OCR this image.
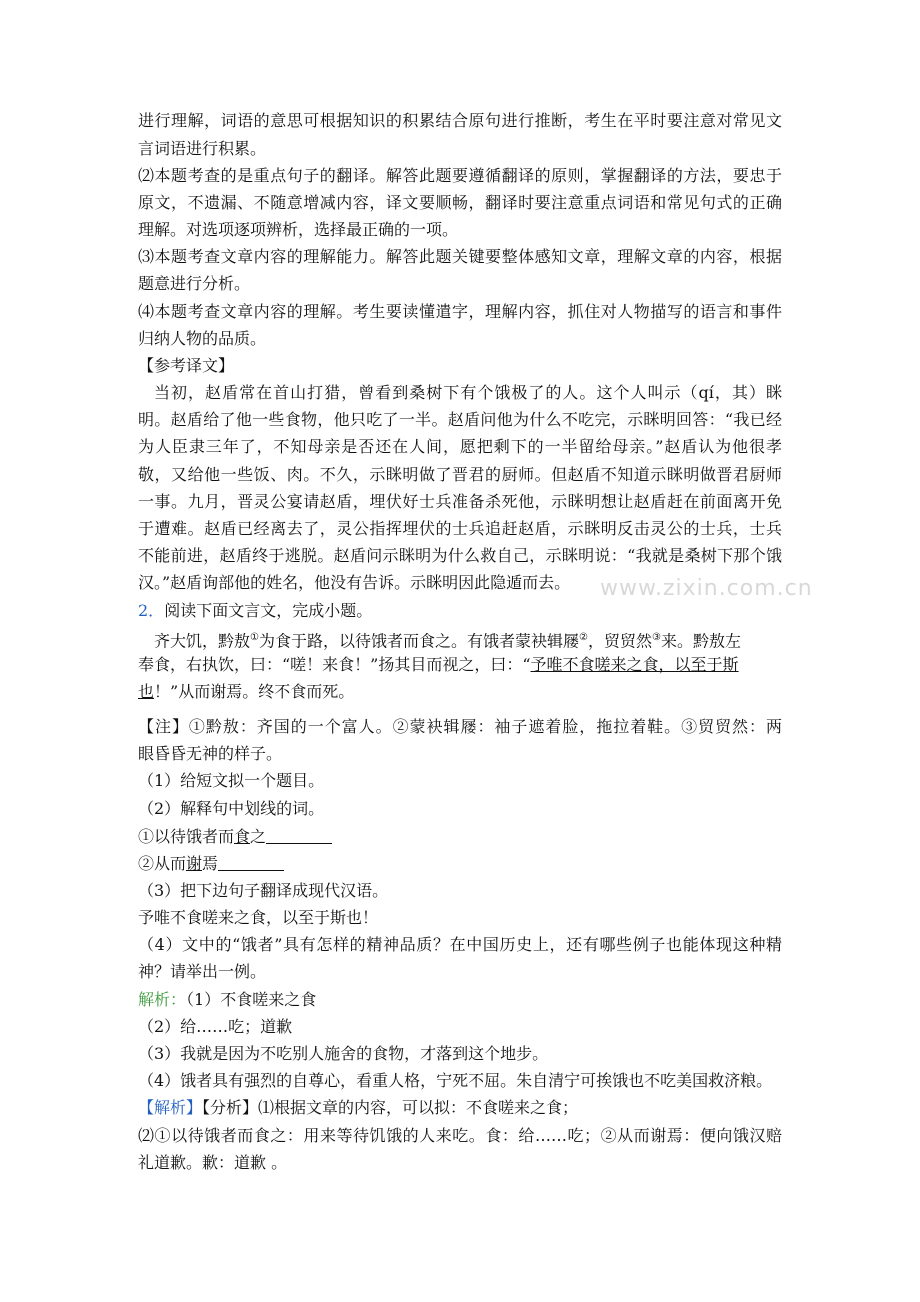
进行理解，词语的意思可根据知识的积累结合原句进行推断，考生在平时要注意对常见文
言词语进行积累。
⑵本题考查的是重点句子的翻译。解答此题要遵循翻译的原则，掌握翻译的方法，要忠于
原文，不遗漏、不随意增减内容，译文要顺畅，翻译时要注意重点词语和常见句式的正确
理解。对选项逐项辨析，选择最正确的一项。
⑶本题考查文章内容的理解能力。解答此题关键要整体感知文章，理解文章的内容，根据
题意进行分析。
⑷本题考查文章内容的理解。考生要读懂遣字，理解内容，抓住对人物描写的语言和事件
归纳人物的品质。
【参考译文】
当初，赵盾常在首山打猎，曾看到桑树下有个饿极了的人。这个人叫示（qí，其）眯
明。赵盾给了他一些食物，他只吃了一半。赵盾问他为什么不吃完，示眯明回答：“我已经
为人臣隶三年了，不知母亲是否还在人间，愿把剩下的一半留给母亲。”赵盾认为他很孝
敬，又给他一些饭、肉。不久，示眯明做了晋君的厨师。但赵盾不知道示眯明做晋君厨师
一事。九月，晋灵公宴请赵盾，埋伏好士兵准备杀死他，示眯明想让赵盾赶在前面离开免
于遭难。赵盾已经离去了，灵公指挥埋伏的士兵追赶赵盾，示眯明反击灵公的士兵，士兵
不能前进，赵盾终于逃脱。赵盾问示眯明为什么救自己，示眯明说：“我就是桑树下那个饿
汉。”赵盾询部他的姓名，他没有告诉。示眯明因此隐遁而去。
2．阅读下面文言文，完成小题。
齐大饥，黔敖①为食于路，以待饿者而食之。有饿者蒙袂辑屦②，贸贸然③来。黔敖左
奉食，右执饮，曰：“嗟！来食！”扬其目而视之，曰：“予唯不食嗟来之食，以至于斯
也！”从而谢焉。终不食而死。
【注】①黔敖：齐国的一个富人。②蒙袂辑屦：袖子遮着脸，拖拉着鞋。③贸贸然：两
眼昏昏无神的样子。
（1）给短文拟一个题目。
（2）解释句中划线的词。
①以待饿者而食之
②从而谢焉
（3）把下边句子翻译成现代汉语。
予唯不食嗟来之食，以至于斯也！
（4）文中的“饿者”具有怎样的精神品质？在中国历史上，还有哪些例子也能体现这种精
神？请举出一例。
解析：（1）不食嗟来之食
（2）给……吃；道歉
（3）我就是因为不吃别人施舍的食物，才落到这个地步。
（4）饿者具有强烈的自尊心，看重人格，宁死不屈。朱自清宁可挨饿也不吃美国救济粮。
【解析】【分析】⑴根据文章的内容，可以拟：不食嗟来之食；
⑵①以待饿者而食之：用来等待饥饿的人来吃。食：给……吃；②从而谢焉：便向饿汉赔
礼道歉。歉：道歉 。
www.zixin.com.cn
